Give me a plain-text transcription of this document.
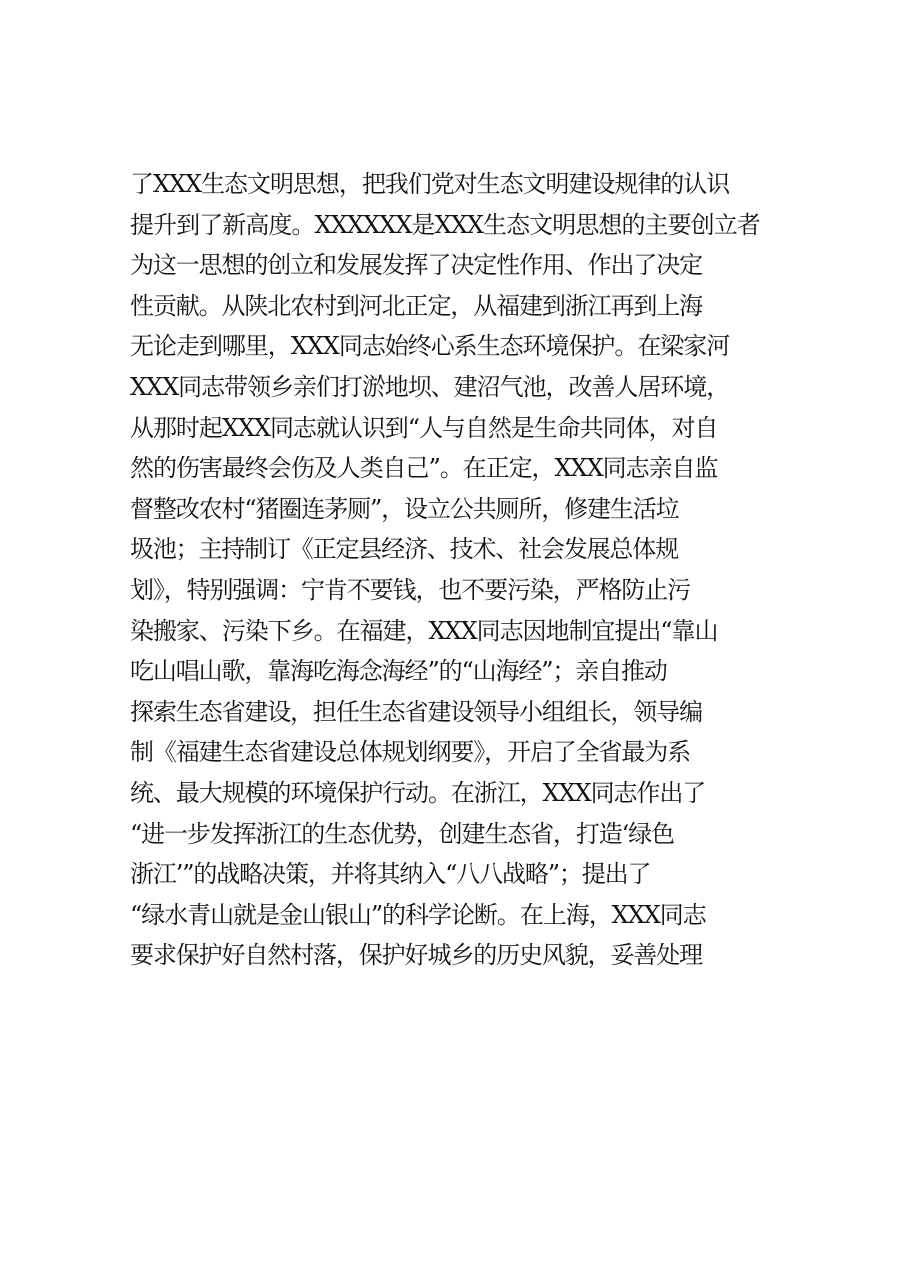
了XXX生态文明思想，把我们党对生态文明建设规律的认识
提升到了新高度。XXXXXX是XXX生态文明思想的主要创立者
为这一思想的创立和发展发挥了决定性作用、作出了决定
性贡献。从陕北农村到河北正定，从福建到浙江再到上海
无论走到哪里，XXX同志始终心系生态环境保护。在梁家河
XXX同志带领乡亲们打淤地坝、建沼气池，改善人居环境，
从那时起XXX同志就认识到“人与自然是生命共同体，对自
然的伤害最终会伤及人类自己”。在正定，XXX同志亲自监
督整改农村“猪圈连茅厕”，设立公共厕所，修建生活垃
圾池；主持制订《正定县经济、技术、社会发展总体规
划》，特别强调：宁肯不要钱，也不要污染，严格防止污
染搬家、污染下乡。在福建，XXX同志因地制宜提出“靠山
吃山唱山歌，靠海吃海念海经”的“山海经”；亲自推动
探索生态省建设，担任生态省建设领导小组组长，领导编
制《福建生态省建设总体规划纲要》，开启了全省最为系
统、最大规模的环境保护行动。在浙江，XXX同志作出了
“进一步发挥浙江的生态优势，创建生态省，打造‘绿色
浙江’”的战略决策，并将其纳入“八八战略”；提出了
“绿水青山就是金山银山”的科学论断。在上海，XXX同志
要求保护好自然村落，保护好城乡的历史风貌，妥善处理
